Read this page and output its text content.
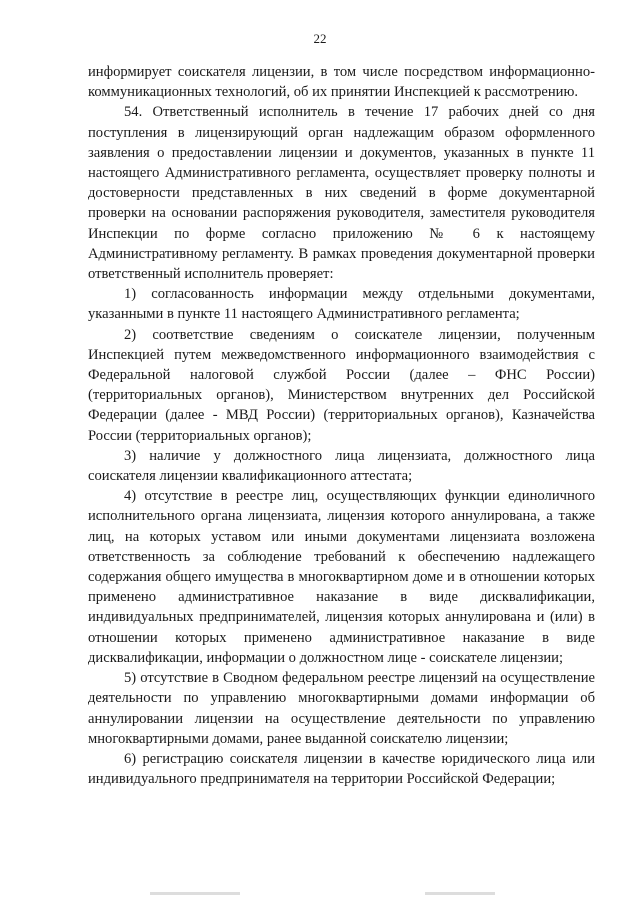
22

информирует соискателя лицензии, в том числе посредством информационно-коммуникационных технологий, об их принятии Инспекцией к рассмотрению.

54. Ответственный исполнитель в течение 17 рабочих дней со дня поступления в лицензирующий орган надлежащим образом оформленного заявления о предоставлении лицензии и документов, указанных в пункте 11 настоящего Административного регламента, осуществляет проверку полноты и достоверности представленных в них сведений в форме документарной проверки на основании распоряжения руководителя, заместителя руководителя Инспекции по форме согласно приложению № 6 к настоящему Административному регламенту. В рамках проведения документарной проверки ответственный исполнитель проверяет:

1) согласованность информации между отдельными документами, указанными в пункте 11 настоящего Административного регламента;

2) соответствие сведениям о соискателе лицензии, полученным Инспекцией путем межведомственного информационного взаимодействия с Федеральной налоговой службой России (далее – ФНС России) (территориальных органов), Министерством внутренних дел Российской Федерации (далее - МВД России) (территориальных органов), Казначейства России (территориальных органов);

3) наличие у должностного лица лицензиата, должностного лица соискателя лицензии квалификационного аттестата;

4) отсутствие в реестре лиц, осуществляющих функции единоличного исполнительного органа лицензиата, лицензия которого аннулирована, а также лиц, на которых уставом или иными документами лицензиата возложена ответственность за соблюдение требований к обеспечению надлежащего содержания общего имущества в многоквартирном доме и в отношении которых применено административное наказание в виде дисквалификации, индивидуальных предпринимателей, лицензия которых аннулирована и (или) в отношении которых применено административное наказание в виде дисквалификации, информации о должностном лице - соискателе лицензии;

5) отсутствие в Сводном федеральном реестре лицензий на осуществление деятельности по управлению многоквартирными домами информации об аннулировании лицензии на осуществление деятельности по управлению многоквартирными домами, ранее выданной соискателю лицензии;

6) регистрацию соискателя лицензии в качестве юридического лица или индивидуального предпринимателя на территории Российской Федерации;
